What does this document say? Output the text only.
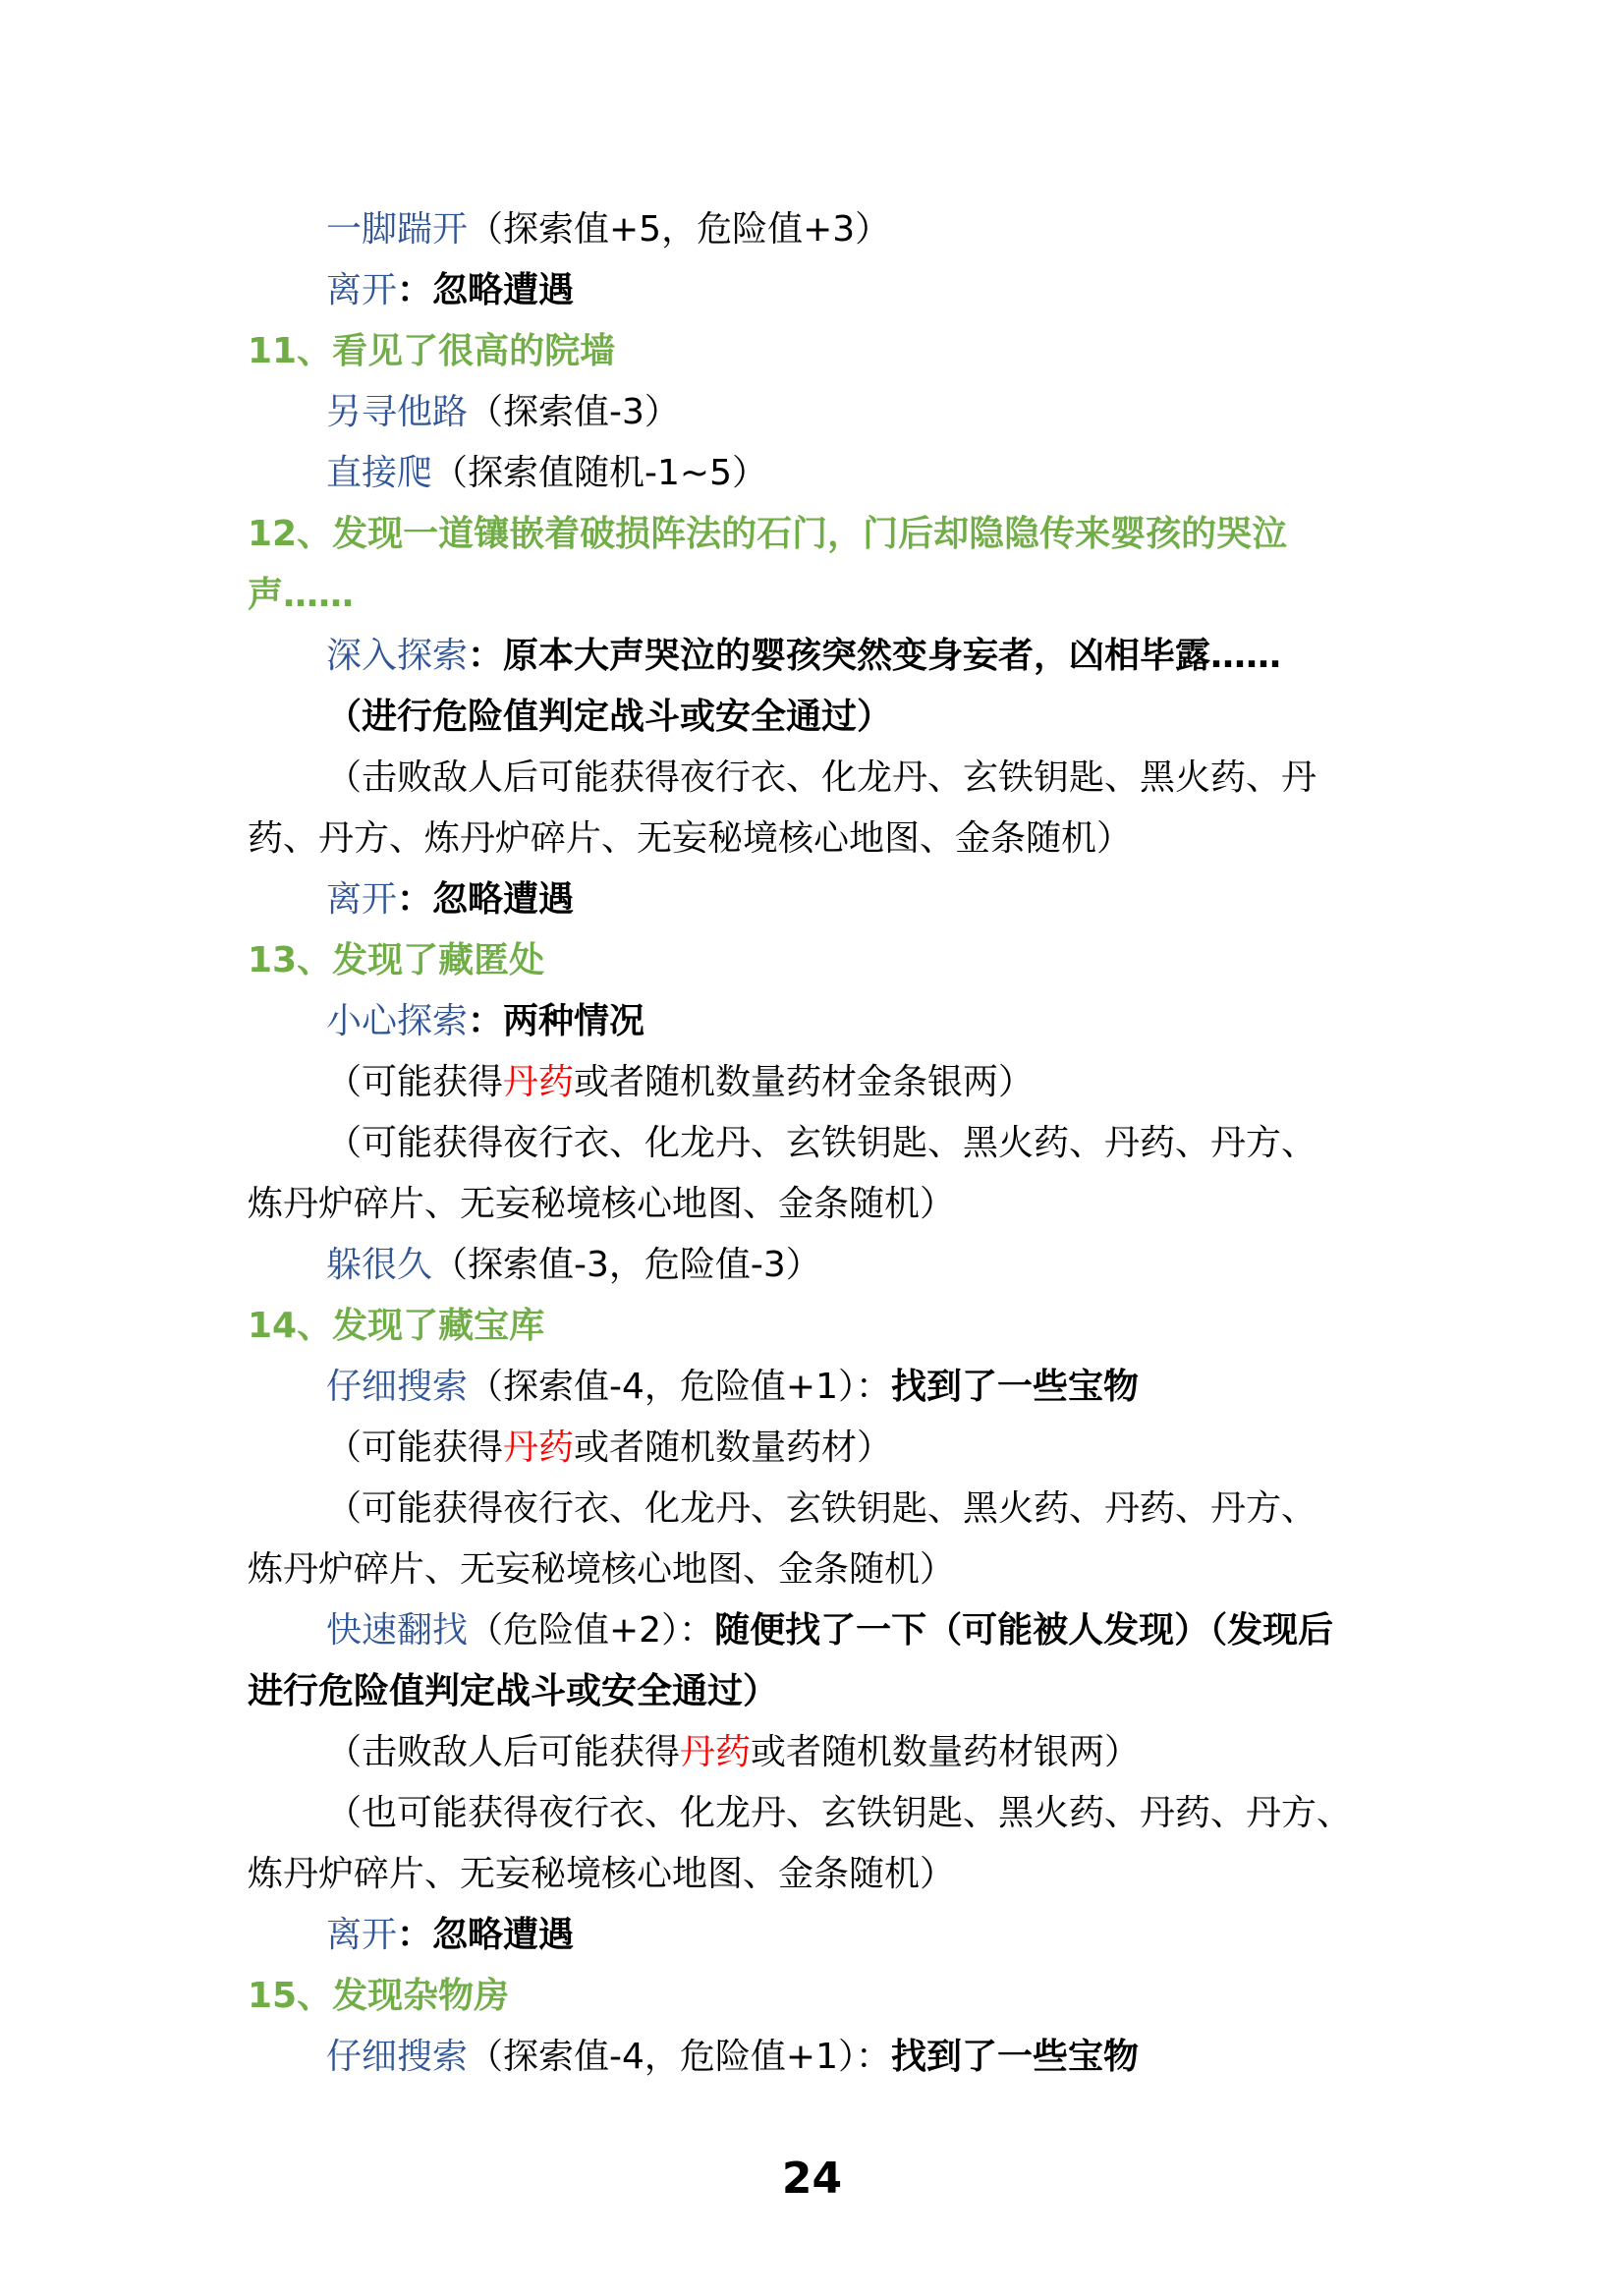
一脚踹开（探索值+5，危险值+3）
离开：忽略遭遇
11、看见了很高的院墙
另寻他路（探索值-3）
直接爬（探索值随机-1~5）
12、发现一道镶嵌着破损阵法的石门，门后却隐隐传来婴孩的哭泣
声……
深入探索：原本大声哭泣的婴孩突然变身妄者，凶相毕露……
（进行危险值判定战斗或安全通过）
（击败敌人后可能获得夜行衣、化龙丹、玄铁钥匙、黑火药、丹
药、丹方、炼丹炉碎片、无妄秘境核心地图、金条随机）
离开：忽略遭遇
13、发现了藏匿处
小心探索：两种情况
（可能获得丹药或者随机数量药材金条银两）
（可能获得夜行衣、化龙丹、玄铁钥匙、黑火药、丹药、丹方、
炼丹炉碎片、无妄秘境核心地图、金条随机）
躲很久（探索值-3，危险值-3）
14、发现了藏宝库
仔细搜索（探索值-4，危险值+1）：找到了一些宝物
（可能获得丹药或者随机数量药材）
（可能获得夜行衣、化龙丹、玄铁钥匙、黑火药、丹药、丹方、
炼丹炉碎片、无妄秘境核心地图、金条随机）
快速翻找（危险值+2）：随便找了一下（可能被人发现）（发现后
进行危险值判定战斗或安全通过）
（击败敌人后可能获得丹药或者随机数量药材银两）
（也可能获得夜行衣、化龙丹、玄铁钥匙、黑火药、丹药、丹方、
炼丹炉碎片、无妄秘境核心地图、金条随机）
离开：忽略遭遇
15、发现杂物房
仔细搜索（探索值-4，危险值+1）：找到了一些宝物
24
